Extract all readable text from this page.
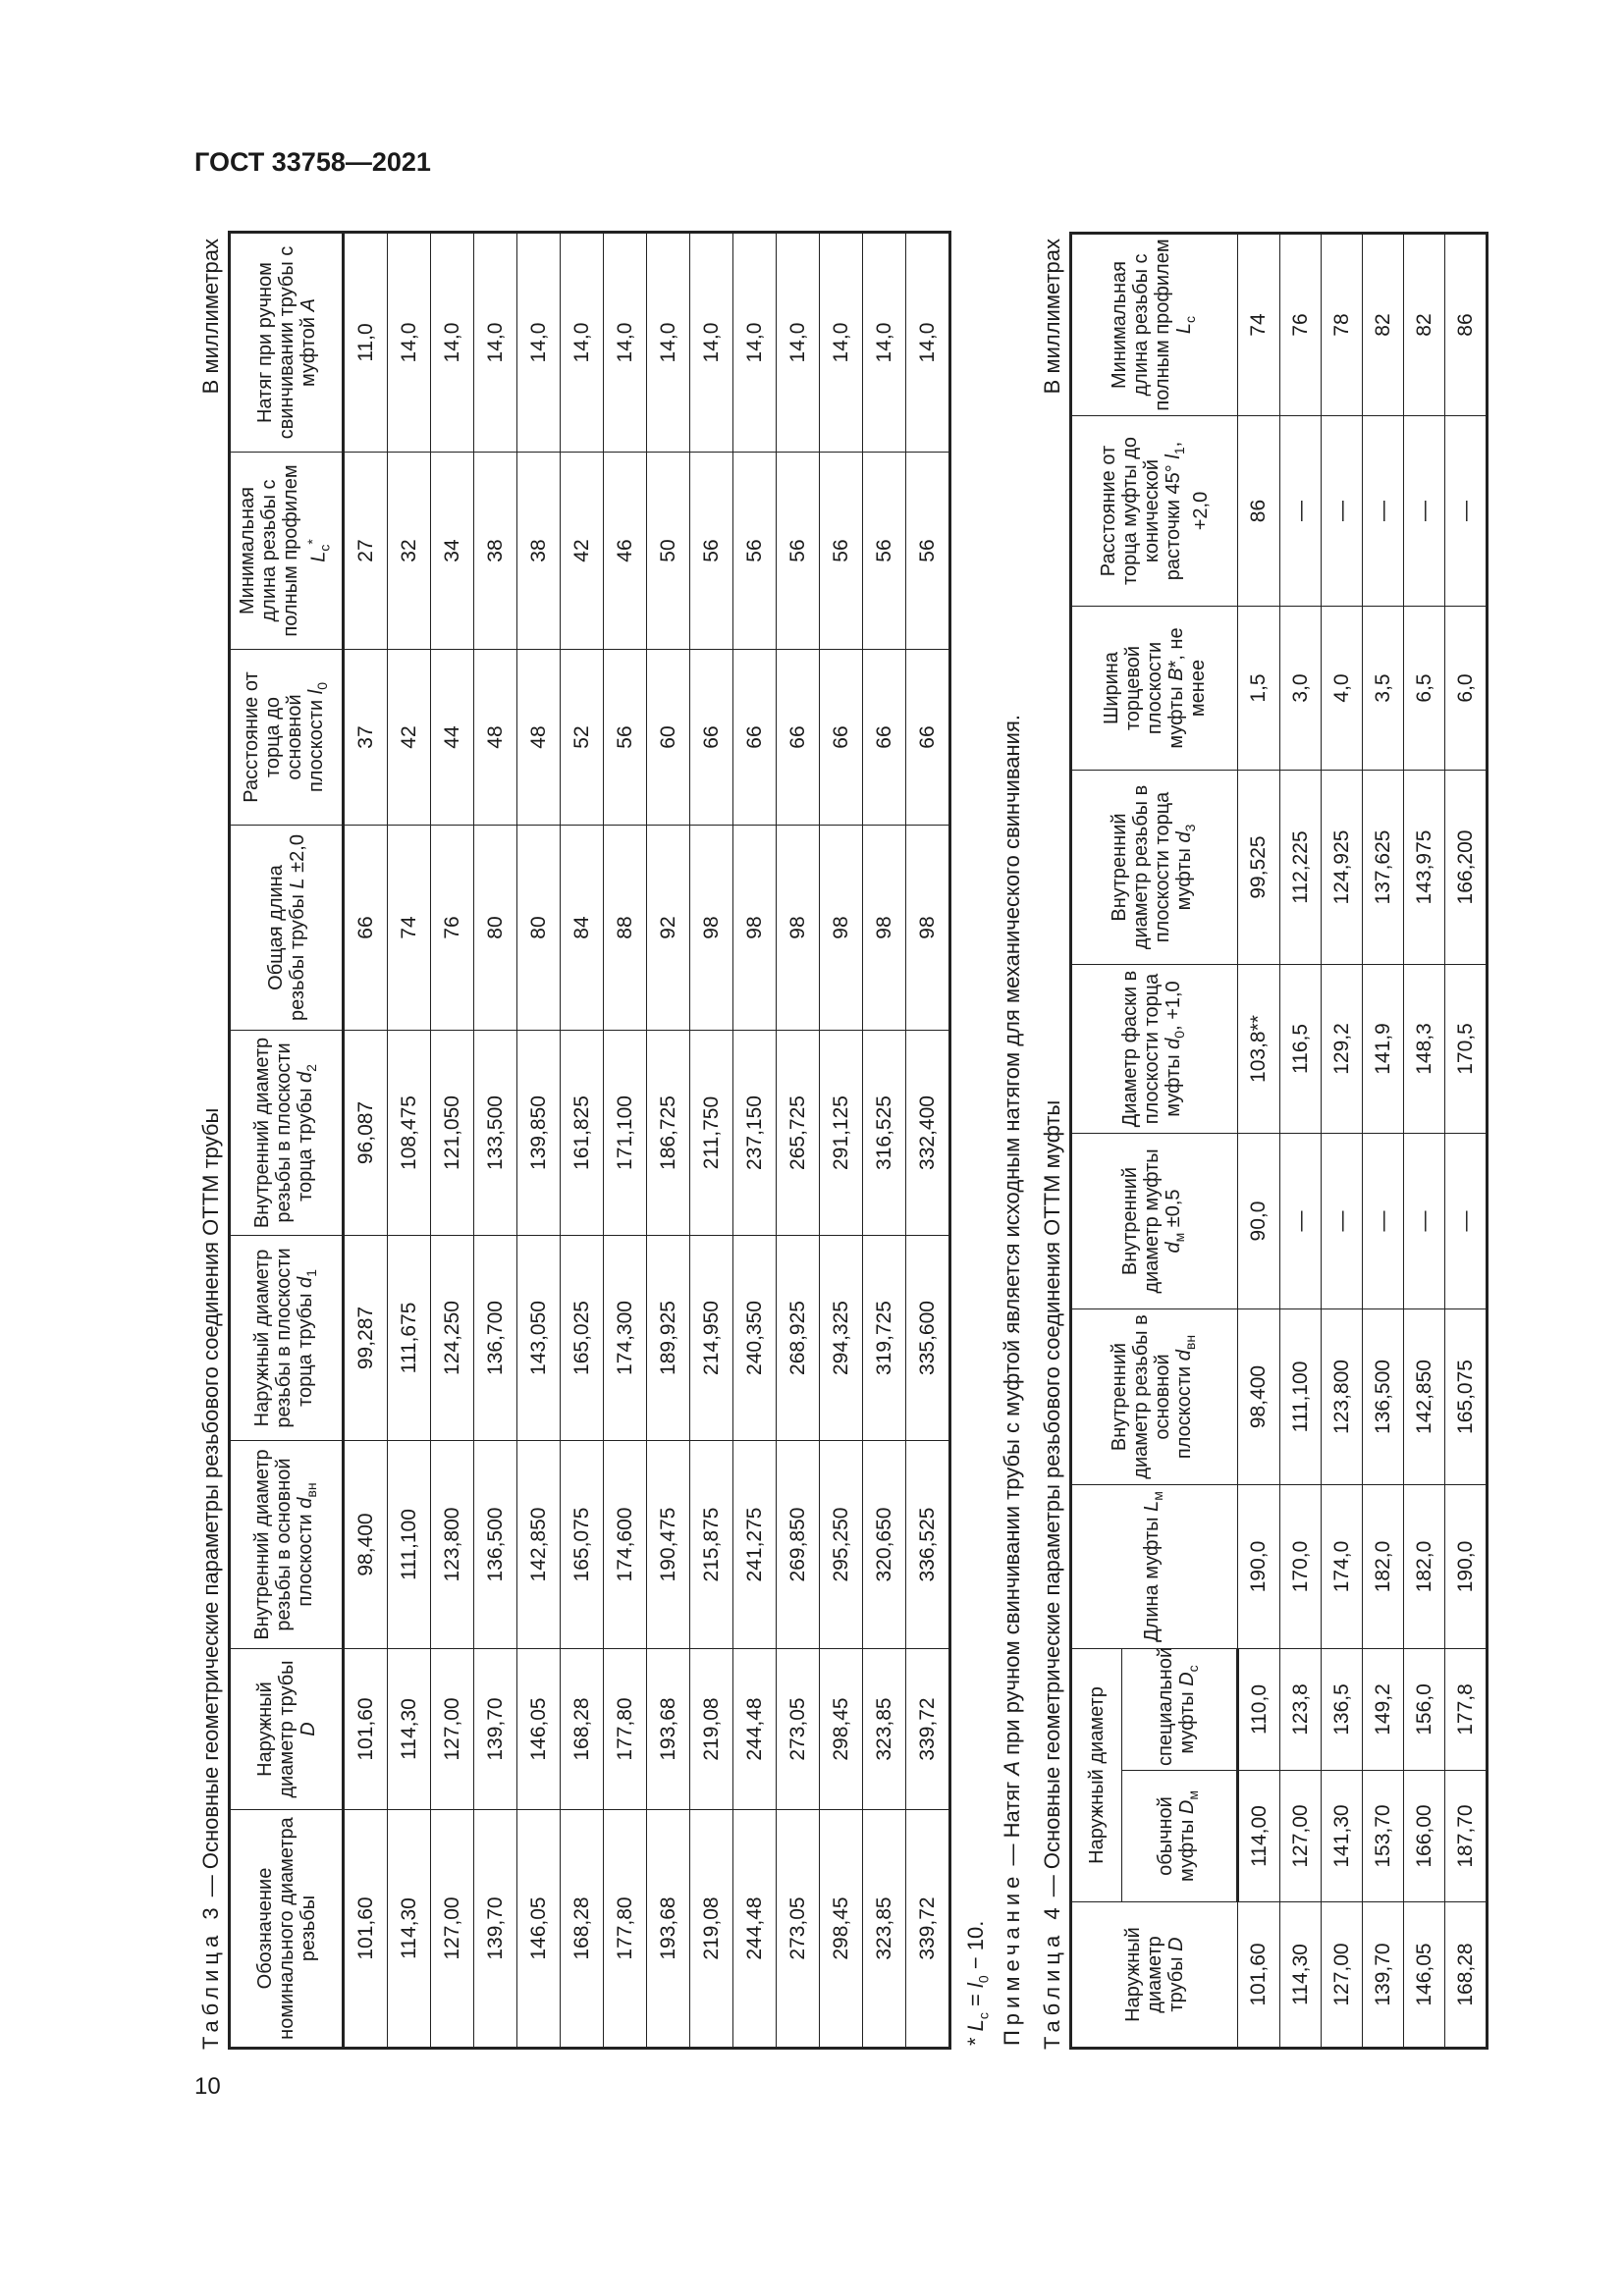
ГОСТ 33758—2021
10
Таблица 3 — Основные геометрические параметры резьбового соединения ОТТМ трубы
В миллиметрах
Обозначение номинального диаметра резьбы	Наружный диаметр трубы D	Внутренний диаметр резьбы в основной плоскости $d_{вн}$	Наружный диаметр резьбы в плоскости торца трубы $d_1$	Внутренний диаметр резьбы в плоскости торца трубы $d_2$	Общая длина резьбы трубы L ±2,0	Расстояние от торца до основной плоскости $l_0$	Минимальная длина резьбы с полным профилем $L_c^*$	Натяг при ручном свинчивании трубы с муфтой A
101,60	101,60	98,400	99,287	96,087	66	37	27	11,0
114,30	114,30	111,100	111,675	108,475	74	42	32	14,0
127,00	127,00	123,800	124,250	121,050	76	44	34	14,0
139,70	139,70	136,500	136,700	133,500	80	48	38	14,0
146,05	146,05	142,850	143,050	139,850	80	48	38	14,0
168,28	168,28	165,075	165,025	161,825	84	52	42	14,0
177,80	177,80	174,600	174,300	171,100	88	56	46	14,0
193,68	193,68	190,475	189,925	186,725	92	60	50	14,0
219,08	219,08	215,875	214,950	211,750	98	66	56	14,0
244,48	244,48	241,275	240,350	237,150	98	66	56	14,0
273,05	273,05	269,850	268,925	265,725	98	66	56	14,0
298,45	298,45	295,250	294,325	291,125	98	66	56	14,0
323,85	323,85	320,650	319,725	316,525	98	66	56	14,0
339,72	339,72	336,525	335,600	332,400	98	66	56	14,0
* $L_c = l_0 - 10$. Примечание — Натяг A при ручном свинчивании трубы с муфтой является исходным натягом для механического свинчивания.
Таблица 4 — Основные геометрические параметры резьбового соединения ОТТМ муфты
В миллиметрах
Наружный диаметр трубы D	Наружный диаметр		Длина муфты $L_м$	Внутренний диаметр резьбы в основной плоскости $d_{вн}$	Внутренний диаметр муфты $d_м \pm 0,5$	Диаметр фаски в плоскости торца муфты $d_0$, +1,0	Внутренний диаметр резьбы в плоскости торца муфты $d_3$	Ширина торцевой плоскости муфты B*, не менее	Расстояние от торца муфты до конической расточки 45° $l_1$, +2,0	Минимальная длина резьбы с полным профилем $L_c$
	обычной муфты $D_м$	специальной муфты $D_c$
101,60	114,00	110,0	190,0	98,400	90,0	103,8**	99,525	1,5	86	74
114,30	127,00	123,8	170,0	111,100	—	116,5	112,225	3,0	—	76
127,00	141,30	136,5	174,0	123,800	—	129,2	124,925	4,0	—	78
139,70	153,70	149,2	182,0	136,500	—	141,9	137,625	3,5	—	82
146,05	166,00	156,0	182,0	142,850	—	148,3	143,975	6,5	—	82
168,28	187,70	177,8	190,0	165,075	—	170,5	166,200	6,0	—	86
